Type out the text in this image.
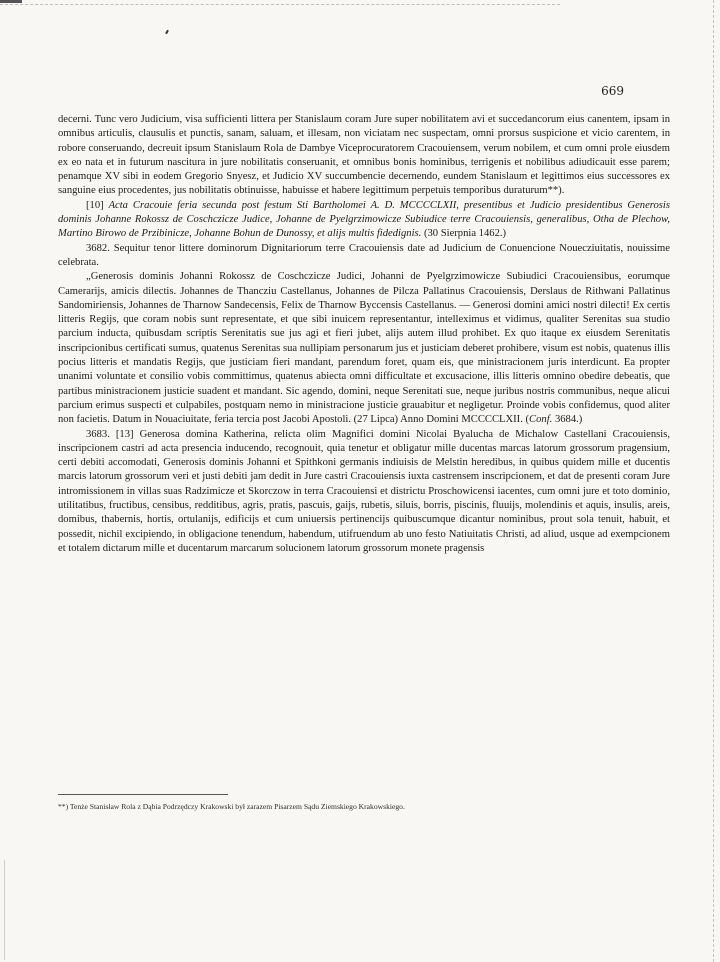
669

decerni. Tunc vero Judicium, visa sufficienti littera per Stanislaum coram Jure super nobilitatem avi et succedancorum eius canentem, ipsam in omnibus articulis, clausulis et punctis, sanam, saluam, et illesam, non viciatam nec suspectam, omni prorsus suspicione et vicio carentem, in robore conseruando, decreuit ipsum Stanislaum Rola de Dambye Viceprocuratorem Cracouiensem, verum nobilem, et cum omni prole eiusdem ex eo nata et in futurum nascitura in jure nobilitatis conseruanit, et omnibus bonis hominibus, terrigenis et nobilibus adiudicauit esse parem; penamque XV sibi in eodem Gregorio Snyesz, et Judicio XV succumbencie decernendo, eundem Stanislaum et legittimos eius successores ex sanguine eius procedentes, jus nobilitatis obtinuisse, habuisse et habere legittimum perpetuis temporibus duraturum**).

[10] Acta Cracouie feria secunda post festum Sti Bartholomei A. D. MCCCCLXII, presentibus et Judicio presidentibus Generosis dominis Johanne Rokossz de Coschczicze Judice, Johanne de Pyelgrzimowicze Subiudice terre Cracouiensis, generalibus, Otha de Plechow, Martino Birowo de Przibinicze, Johanne Bohun de Dunossy, et alijs multis fidedignis. (30 Sierpnia 1462.)

3682. Sequitur tenor littere dominorum Dignitariorum terre Cracouiensis date ad Judicium de Conuencione Nouecziuitatis, nouissime celebrata.

„Generosis dominis Johanni Rokossz de Coschczicze Judici, Johanni de Pyelgrzimowicze Subiudici Cracouiensibus, eorumque Camerarijs, amicis dilectis. Johannes de Thancziu Castellanus, Johannes de Pilcza Pallatinus Cracouiensis, Derslaus de Rithwani Pallatinus Sandomiriensis, Johannes de Tharnow Sandecensis, Felix de Tharnow Byccensis Castellanus. — Generosi domini amici nostri dilecti! Ex certis litteris Regijs, que coram nobis sunt representate, et que sibi inuicem representantur, intelleximus et vidimus, qualiter Serenitas sua studio parcium inducta, quibusdam scriptis Serenitatis sue jus agi et fieri jubet, alijs autem illud prohibet. Ex quo itaque ex eiusdem Serenitatis inscripcionibus certificati sumus, quatenus Serenitas sua nullipiam personarum jus et justiciam deberet prohibere, visum est nobis, quatenus illis pocius litteris et mandatis Regijs, que justiciam fieri mandant, parendum foret, quam eis, que ministracionem juris interdicunt. Ea propter unanimi voluntate et consilio vobis committimus, quatenus abiecta omni difficultate et excusacione, illis litteris omnino obedire debeatis, que partibus ministracionem justicie suadent et mandant. Sic agendo, domini, neque Serenitati sue, neque juribus nostris communibus, neque alicui parcium erimus suspecti et culpabiles, postquam nemo in ministracione justicie grauabitur et negligetur. Proinde vobis confidemus, quod aliter non facietis. Datum in Nouaciuitate, feria tercia post Jacobi Apostoli. (27 Lipca) Anno Domini MCCCCLXII. (Conf. 3684.)

3683. [13] Generosa domina Katherina, relicta olim Magnifici domini Nicolai Byalucha de Michalow Castellani Cracouiensis, inscripcionem castri ad acta presencia inducendo, recognouit, quia tenetur et obligatur mille ducentas marcas latorum grossorum pragensium, certi debiti accomodati, Generosis dominis Johanni et Spithkoni germanis indiuisis de Melstin heredibus, in quibus quidem mille et ducentis marcis latorum grossorum veri et justi debiti jam dedit in Jure castri Cracouiensis iuxta castrensem inscripcionem, et dat de presenti coram Jure intromissionem in villas suas Radzimicze et Skorczow in terra Cracouiensi et districtu Proschowicensi iacentes, cum omni jure et toto dominio, utilitatibus, fructibus, censibus, redditibus, agris, pratis, pascuis, gaijs, rubetis, siluis, borris, piscinis, fluuijs, molendinis et aquis, insulis, areis, domibus, thabernis, hortis, ortulanijs, edificijs et cum uniuersis pertinencijs quibuscumque dicantur nominibus, prout sola tenuit, habuit, et possedit, nichil excipiendo, in obligacione tenendum, habendum, utifruendum ab uno festo Natiuitatis Christi, ad aliud, usque ad exempcionem et totalem dictarum mille et ducentarum marcarum solucionem latorum grossorum monete pragensis

**) Tenże Stanisław Rola z Dąbia Podrzędczy Krakowski był zarazem Pisarzem Sądu Ziemskiego Krakowskiego.
